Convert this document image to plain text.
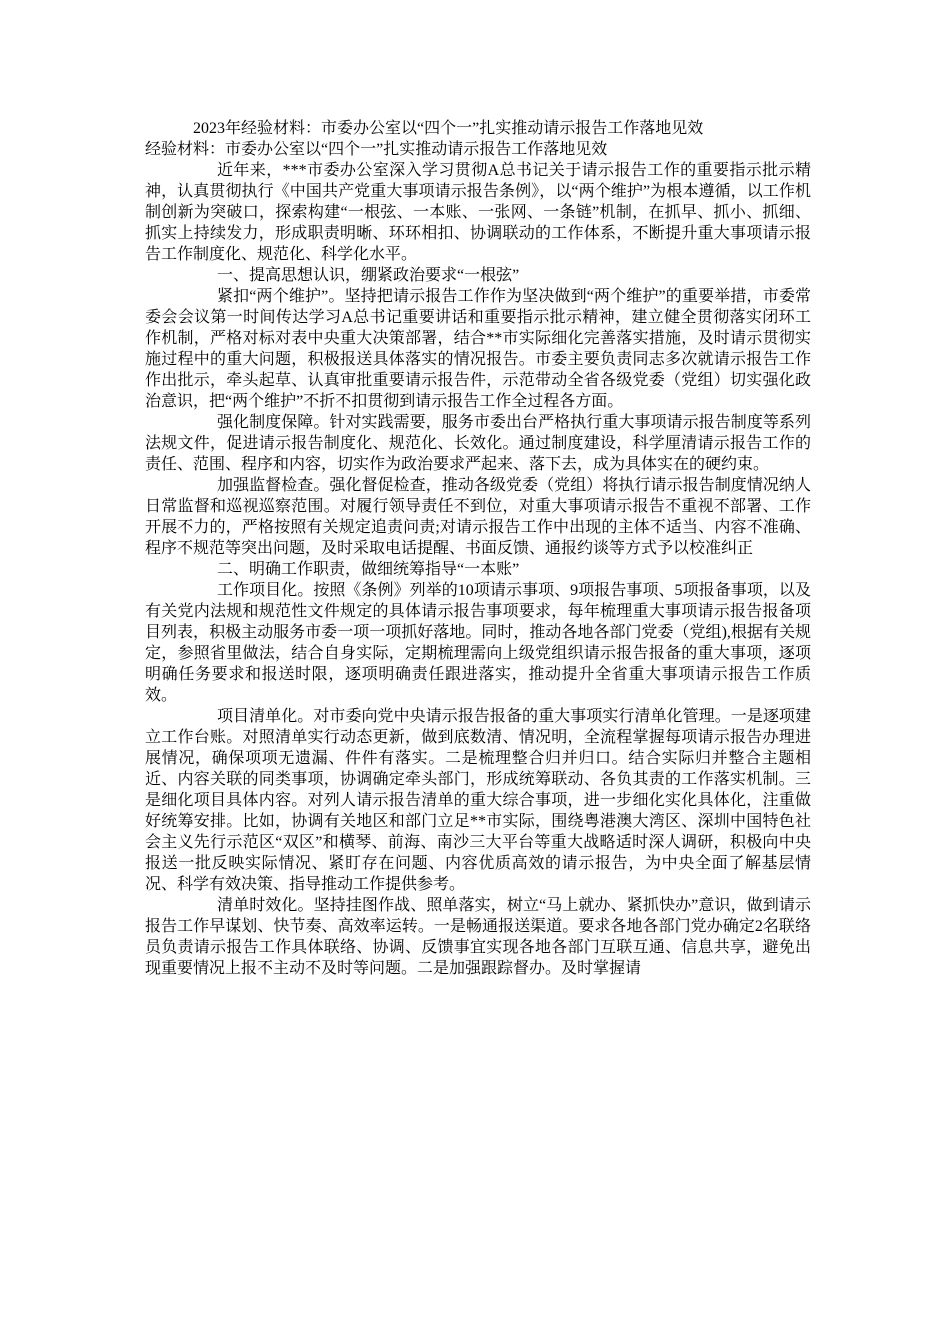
2023年经验材料：市委办公室以“四个一”扎实推动请示报告工作落地见效

经验材料：市委办公室以“四个一”扎实推动请示报告工作落地见效

近年来，***市委办公室深入学习贯彻A总书记关于请示报告工作的重要指示批示精神，认真贯彻执行《中国共产党重大事项请示报告条例》，以“两个维护”为根本遵循，以工作机制创新为突破口，探索构建“一根弦、一本账、一张网、一条链”机制，在抓早、抓小、抓细、抓实上持续发力，形成职责明晰、环环相扣、协调联动的工作体系，不断提升重大事项请示报告工作制度化、规范化、科学化水平。

一、提高思想认识，绷紧政治要求“一根弦”

紧扣“两个维护”。坚持把请示报告工作作为坚决做到“两个维护”的重要举措，市委常委会会议第一时间传达学习A总书记重要讲话和重要指示批示精神，建立健全贯彻落实闭环工作机制，严格对标对表中央重大决策部署，结合**市实际细化完善落实措施，及时请示贯彻实施过程中的重大问题，积极报送具体落实的情况报告。市委主要负责同志多次就请示报告工作作出批示，牵头起草、认真审批重要请示报告件，示范带动全省各级党委（党组）切实强化政治意识，把“两个维护”不折不扣贯彻到请示报告工作全过程各方面。

强化制度保障。针对实践需要，服务市委出台严格执行重大事项请示报告制度等系列法规文件，促进请示报告制度化、规范化、长效化。通过制度建设，科学厘清请示报告工作的责任、范围、程序和内容，切实作为政治要求严起来、落下去，成为具体实在的硬约束。

加强监督检查。强化督促检查，推动各级党委（党组）将执行请示报告制度情况纳人日常监督和巡视巡察范围。对履行领导责任不到位，对重大事项请示报告不重视不部署、工作开展不力的，严格按照有关规定追责问责;对请示报告工作中出现的主体不适当、内容不准确、程序不规范等突出问题，及时采取电话提醒、书面反馈、通报约谈等方式予以校准纠正

二、明确工作职责，做细统筹指导“一本账”

工作项目化。按照《条例》列举的10项请示事项、9项报告事项、5项报备事项，以及有关党内法规和规范性文件规定的具体请示报告事项要求，每年梳理重大事项请示报告报备项目列表，积极主动服务市委一项一项抓好落地。同时，推动各地各部门党委（党组),根据有关规定，参照省里做法，结合自身实际，定期梳理需向上级党组织请示报告报备的重大事项，逐项明确任务要求和报送时限，逐项明确责任跟进落实，推动提升全省重大事项请示报告工作质效。

项目清单化。对市委向党中央请示报告报备的重大事项实行清单化管理。一是逐项建立工作台账。对照清单实行动态更新，做到底数清、情况明，全流程掌握每项请示报告办理进展情况，确保项项无遗漏、件件有落实。二是梳理整合归并归口。结合实际归并整合主题相近、内容关联的同类事项，协调确定牵头部门，形成统筹联动、各负其责的工作落实机制。三是细化项目具体内容。对列人请示报告清单的重大综合事项，进一步细化实化具体化，注重做好统筹安排。比如，协调有关地区和部门立足**市实际，围绕粤港澳大湾区、深圳中国特色社会主义先行示范区“双区”和横琴、前海、南沙三大平台等重大战略适时深人调研，积极向中央报送一批反映实际情况、紧盯存在问题、内容优质高效的请示报告，为中央全面了解基层情况、科学有效决策、指导推动工作提供参考。

清单时效化。坚持挂图作战、照单落实，树立“马上就办、紧抓快办”意识，做到请示报告工作早谋划、快节奏、高效率运转。一是畅通报送渠道。要求各地各部门党办确定2名联络员负责请示报告工作具体联络、协调、反馈事宜实现各地各部门互联互通、信息共享，避免出现重要情况上报不主动不及时等问题。二是加强跟踪督办。及时掌握请
